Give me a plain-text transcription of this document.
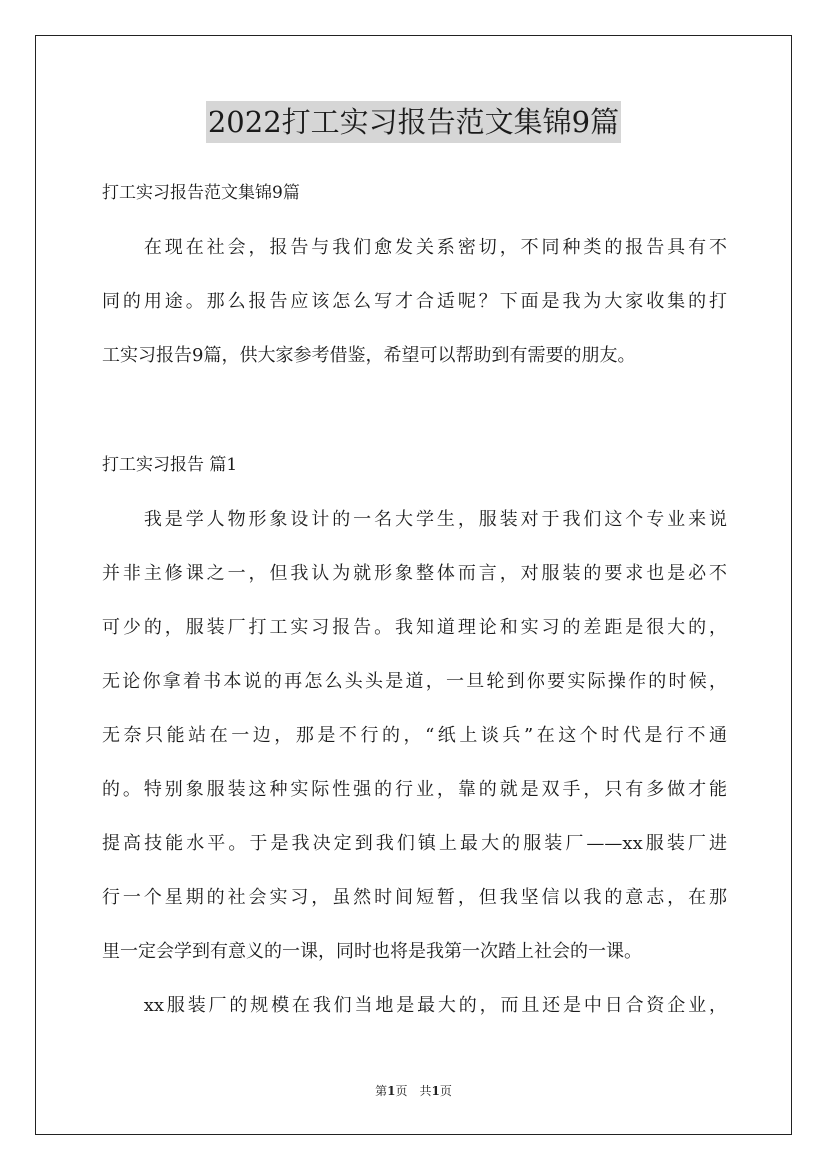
2022打工实习报告范文集锦9篇
打工实习报告范文集锦9篇
　　在现在社会，报告与我们愈发关系密切，不同种类的报告具有不
同的用途。那么报告应该怎么写才合适呢？下面是我为大家收集的打
工实习报告9篇，供大家参考借鉴，希望可以帮助到有需要的朋友。
打工实习报告 篇1
　　我是学人物形象设计的一名大学生，服装对于我们这个专业来说
并非主修课之一，但我认为就形象整体而言，对服装的要求也是必不
可少的，服装厂打工实习报告。我知道理论和实习的差距是很大的，
无论你拿着书本说的再怎么头头是道，一旦轮到你要实际操作的时候，
无奈只能站在一边，那是不行的，“纸上谈兵”在这个时代是行不通
的。特别象服装这种实际性强的行业，靠的就是双手，只有多做才能
提高技能水平。于是我决定到我们镇上最大的服装厂——xx服装厂进
行一个星期的社会实习，虽然时间短暂，但我坚信以我的意志，在那
里一定会学到有意义的一课，同时也将是我第一次踏上社会的一课。
　　xx服装厂的规模在我们当地是最大的，而且还是中日合资企业，
第1页　共1页
